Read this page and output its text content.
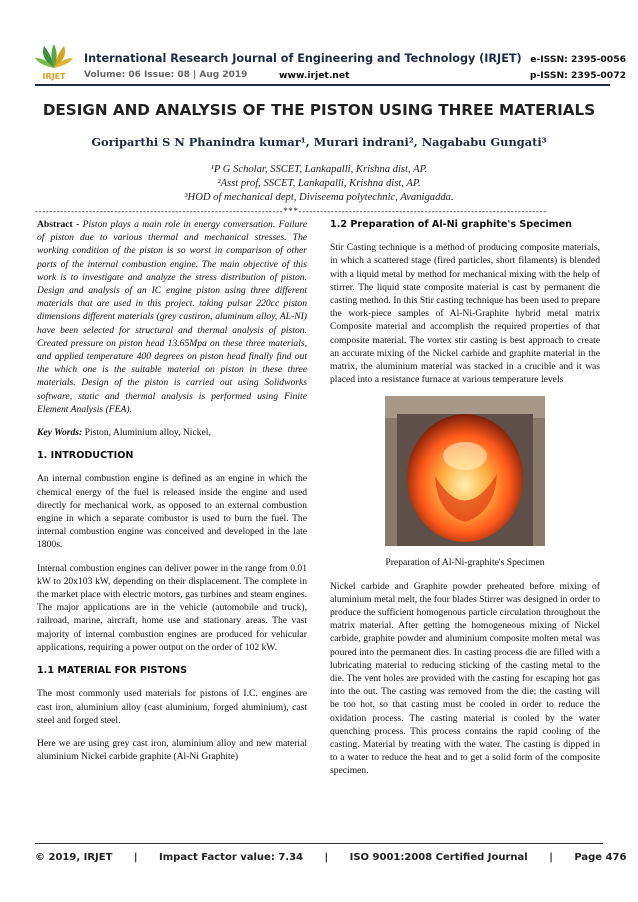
IRJET
International Research Journal of Engineering and Technology (IRJET)
Volume: 06 Issue: 08 | Aug 2019	www.irjet.net
e-ISSN: 2395-0056
p-ISSN: 2395-0072
DESIGN AND ANALYSIS OF THE PISTON USING THREE MATERIALS
Goriparthi S N Phanindra kumar¹, Murari indrani², Nagababu Gungati³
¹P G Scholar, SSCET, Lankapalli, Krishna dist, AP.
²Asst prof, SSCET, Lankapalli, Krishna dist, AP.
³HOD of mechanical dept, Diviseema polytechnic, Avanigadda.
---------------------------------------------------------------------***---------------------------------------------------------------------

Abstract - Piston plays a main role in energy conversation. Failure of piston due to various thermal and mechanical stresses. The working condition of the piston is so worst in comparison of other parts of the internal combustion engine. The main objective of this work is to investigate and analyze the stress distribution of piston. Design and analysis of an IC engine piston using three different materials that are used in this project. taking pulsar 220cc piston dimensions different materials (grey castiron, aluminum alloy, AL-NI) have been selected for structural and thermal analysis of piston. Created pressure on piston head 13.65Mpa on these three materials, and applied temperature 400 degrees on piston head finally find out the which one is the suitable material on piston in these three materials. Design of the piston is carried out using Solidworks software, static and thermal analysis is performed using Finite Element Analysis (FEA).

Key Words: Piston, Aluminium alloy, Nickel,

1. INTRODUCTION

An internal combustion engine is defined as an engine in which the chemical energy of the fuel is released inside the engine and used directly for mechanical work, as opposed to an external combustion engine in which a separate combustor is used to burn the fuel. The internal combustion engine was conceived and developed in the late 1800s.

Internal combustion engines can deliver power in the range from 0.01 kW to 20x103 kW, depending on their displacement. The complete in the market place with electric motors, gas turbines and steam engines. The major applications are in the vehicle (automobile and truck), railroad, marine, aircraft, home use and stationary areas. The vast majority of internal combustion engines are produced for vehicular applications, requiring a power output on the order of 102 kW.

1.1 MATERIAL FOR PISTONS

The most commonly used materials for pistons of I.C. engines are cast iron, aluminium alloy (cast aluminium, forged aluminium), cast steel and forged steel.

Here we are using grey cast iron, aluminium alloy and new material aluminium Nickel carbide graphite (Al-Ni Graphite)

1.2 Preparation of Al-Ni graphite's Specimen

Stir Casting technique is a method of producing composite materials, in which a scattered stage (fired particles, short filaments) is blended with a liquid metal by method for mechanical mixing with the help of stirrer. The liquid state composite material is cast by permanent die casting method. In this Stir casting technique has been used to prepare the work-piece samples of Al-Ni-Graphite hybrid metal matrix Composite material and accomplish the required properties of that composite material. The vortex stir casting is best approach to create an accurate mixing of the Nickel carbide and graphite material in the matrix, the aluminium material was stacked in a crucible and it was placed into a resistance furnace at various temperature levels

Preparation of Al-Ni-graphite's Specimen

Nickel carbide and Graphite powder preheated before mixing of aluminium metal melt, the four blades Stirrer was designed in order to produce the sufficient homogenous particle circulation throughout the matrix material. After getting the homogeneous mixing of Nickel carbide, graphite powder and aluminium composite molten metal was poured into the permanent dies. In casting process die are filled with a lubricating material to reducing sticking of the casting metal to the die. The vent holes are provided with the casting for escaping hot gas into the out. The casting was removed from the die; the casting will be too hot, so that casting must be cooled in order to reduce the oxidation process. The casting material is cooled by the water quenching process. This process contains the rapid cooling of the casting. Material by treating with the water. The casting is dipped in to a water to reduce the heat and to get a solid form of the composite specimen.

© 2019, IRJET | Impact Factor value: 7.34 | ISO 9001:2008 Certified Journal | Page 476
